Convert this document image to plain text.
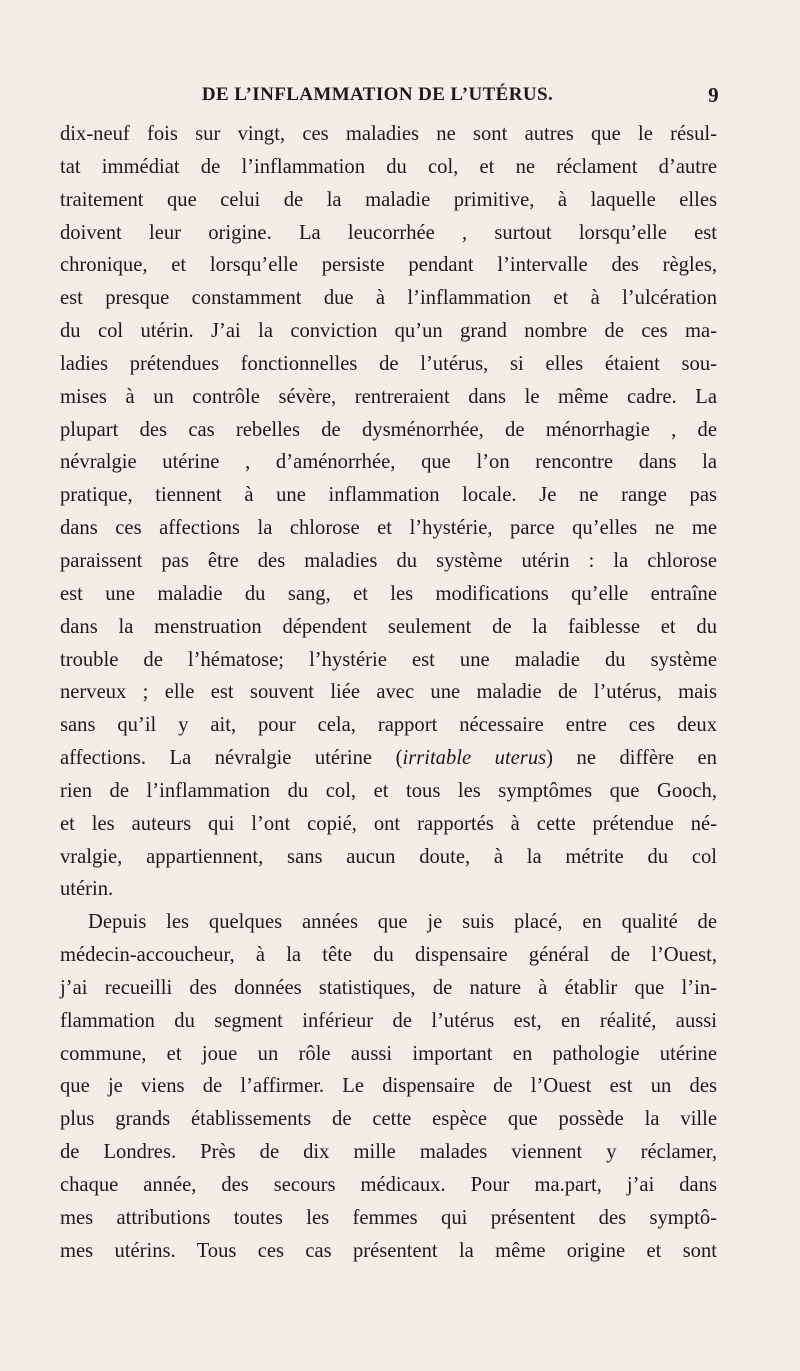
DE L’INFLAMMATION DE L’UTÉRUS.	9
dix-neuf fois sur vingt, ces maladies ne sont autres que le résul-
tat immédiat de l’inflammation du col, et ne réclament d’autre
traitement que celui de la maladie primitive, à laquelle elles
doivent leur origine. La leucorrhée , surtout lorsqu’elle est
chronique, et lorsqu’elle persiste pendant l’intervalle des règles,
est presque constamment due à l’inflammation et à l’ulcération
du col utérin. J’ai la conviction qu’un grand nombre de ces ma-
ladies prétendues fonctionnelles de l’utérus, si elles étaient sou-
mises à un contrôle sévère, rentreraient dans le même cadre. La
plupart des cas rebelles de dysménorrhée, de ménorrhagie , de
névralgie utérine , d’aménorrhée, que l’on rencontre dans la
pratique, tiennent à une inflammation locale. Je ne range pas
dans ces affections la chlorose et l’hystérie, parce qu’elles ne me
paraissent pas être des maladies du système utérin : la chlorose
est une maladie du sang, et les modifications qu’elle entraîne
dans la menstruation dépendent seulement de la faiblesse et du
trouble de l’hématose; l’hystérie est une maladie du système
nerveux ; elle est souvent liée avec une maladie de l’utérus, mais
sans qu’il y ait, pour cela, rapport nécessaire entre ces deux
affections. La névralgie utérine (irritable uterus) ne diffère en
rien de l’inflammation du col, et tous les symptômes que Gooch,
et les auteurs qui l’ont copié, ont rapportés à cette prétendue né-
vralgie, appartiennent, sans aucun doute, à la métrite du col
utérin.
Depuis les quelques années que je suis placé, en qualité de
médecin-accoucheur, à la tête du dispensaire général de l’Ouest,
j’ai recueilli des données statistiques, de nature à établir que l’in-
flammation du segment inférieur de l’utérus est, en réalité, aussi
commune, et joue un rôle aussi important en pathologie utérine
que je viens de l’affirmer. Le dispensaire de l’Ouest est un des
plus grands établissements de cette espèce que possède la ville
de Londres. Près de dix mille malades viennent y réclamer,
chaque année, des secours médicaux. Pour ma.part, j’ai dans
mes attributions toutes les femmes qui présentent des symptô-
mes utérins. Tous ces cas présentent la même origine et sont
